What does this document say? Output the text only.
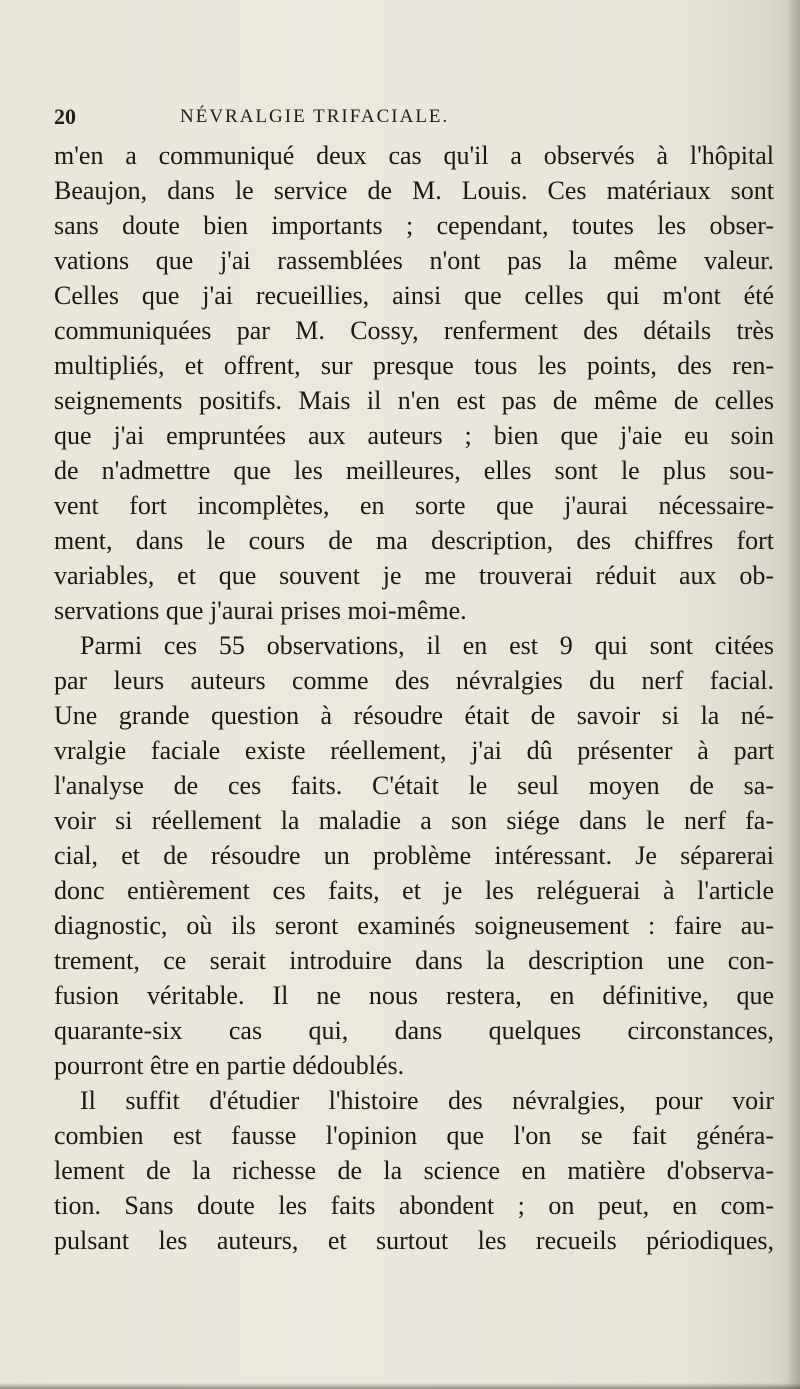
20	NÉVRALGIE TRIFACIALE.
m'en a communiqué deux cas qu'il a observés à l'hôpital
Beaujon, dans le service de M. Louis. Ces matériaux sont
sans doute bien importants ; cependant, toutes les obser-
vations que j'ai rassemblées n'ont pas la même valeur.
Celles que j'ai recueillies, ainsi que celles qui m'ont été
communiquées par M. Cossy, renferment des détails très
multipliés, et offrent, sur presque tous les points, des ren-
seignements positifs. Mais il n'en est pas de même de celles
que j'ai empruntées aux auteurs ; bien que j'aie eu soin
de n'admettre que les meilleures, elles sont le plus sou-
vent fort incomplètes, en sorte que j'aurai nécessaire-
ment, dans le cours de ma description, des chiffres fort
variables, et que souvent je me trouverai réduit aux ob-
servations que j'aurai prises moi-même.
Parmi ces 55 observations, il en est 9 qui sont citées
par leurs auteurs comme des névralgies du nerf facial.
Une grande question à résoudre était de savoir si la né-
vralgie faciale existe réellement, j'ai dû présenter à part
l'analyse de ces faits. C'était le seul moyen de sa-
voir si réellement la maladie a son siége dans le nerf fa-
cial, et de résoudre un problème intéressant. Je séparerai
donc entièrement ces faits, et je les reléguerai à l'article
diagnostic, où ils seront examinés soigneusement : faire au-
trement, ce serait introduire dans la description une con-
fusion véritable. Il ne nous restera, en définitive, que
quarante-six cas qui, dans quelques circonstances,
pourront être en partie dédoublés.
Il suffit d'étudier l'histoire des névralgies, pour voir
combien est fausse l'opinion que l'on se fait généra-
lement de la richesse de la science en matière d'observa-
tion. Sans doute les faits abondent ; on peut, en com-
pulsant les auteurs, et surtout les recueils périodiques,
